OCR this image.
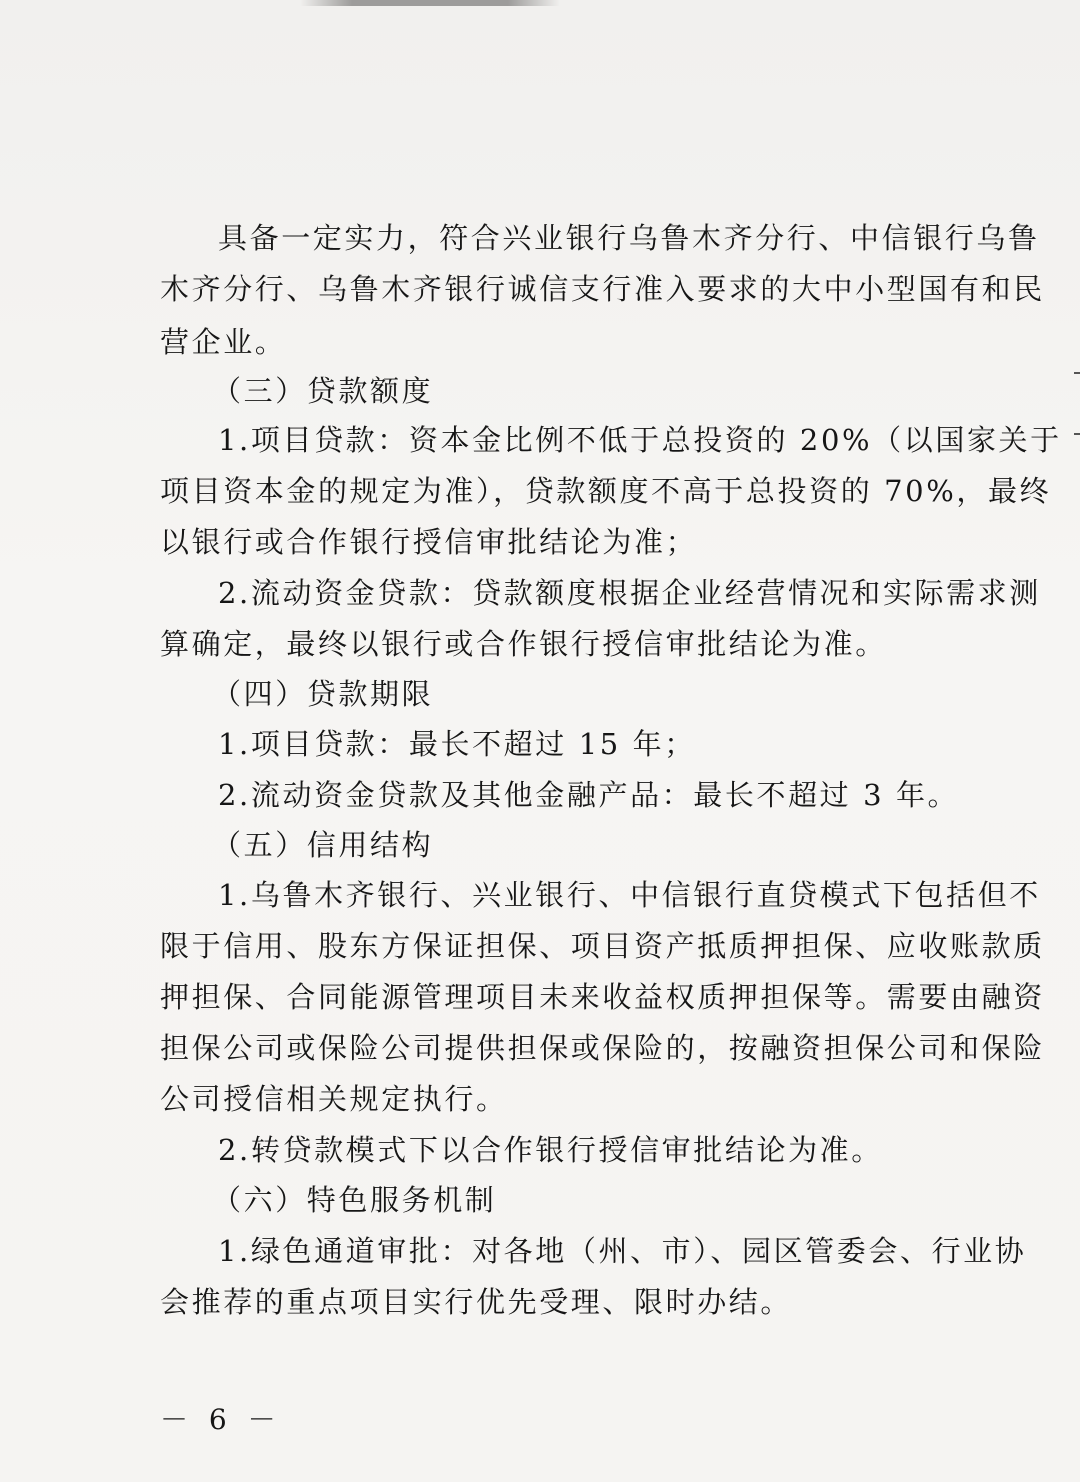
具备一定实力，符合兴业银行乌鲁木齐分行、中信银行乌鲁

木齐分行、乌鲁木齐银行诚信支行准入要求的大中小型国有和民

营企业。

（三）贷款额度

1.项目贷款：资本金比例不低于总投资的 20%（以国家关于

项目资本金的规定为准），贷款额度不高于总投资的 70%，最终

以银行或合作银行授信审批结论为准；

2.流动资金贷款：贷款额度根据企业经营情况和实际需求测

算确定，最终以银行或合作银行授信审批结论为准。

（四）贷款期限

1.项目贷款：最长不超过 15 年；

2.流动资金贷款及其他金融产品：最长不超过 3 年。

（五）信用结构

1.乌鲁木齐银行、兴业银行、中信银行直贷模式下包括但不

限于信用、股东方保证担保、项目资产抵质押担保、应收账款质

押担保、合同能源管理项目未来收益权质押担保等。需要由融资

担保公司或保险公司提供担保或保险的，按融资担保公司和保险

公司授信相关规定执行。

2.转贷款模式下以合作银行授信审批结论为准。

（六）特色服务机制

1.绿色通道审批：对各地（州、市）、园区管委会、行业协

会推荐的重点项目实行优先受理、限时办结。

－ 6 －
